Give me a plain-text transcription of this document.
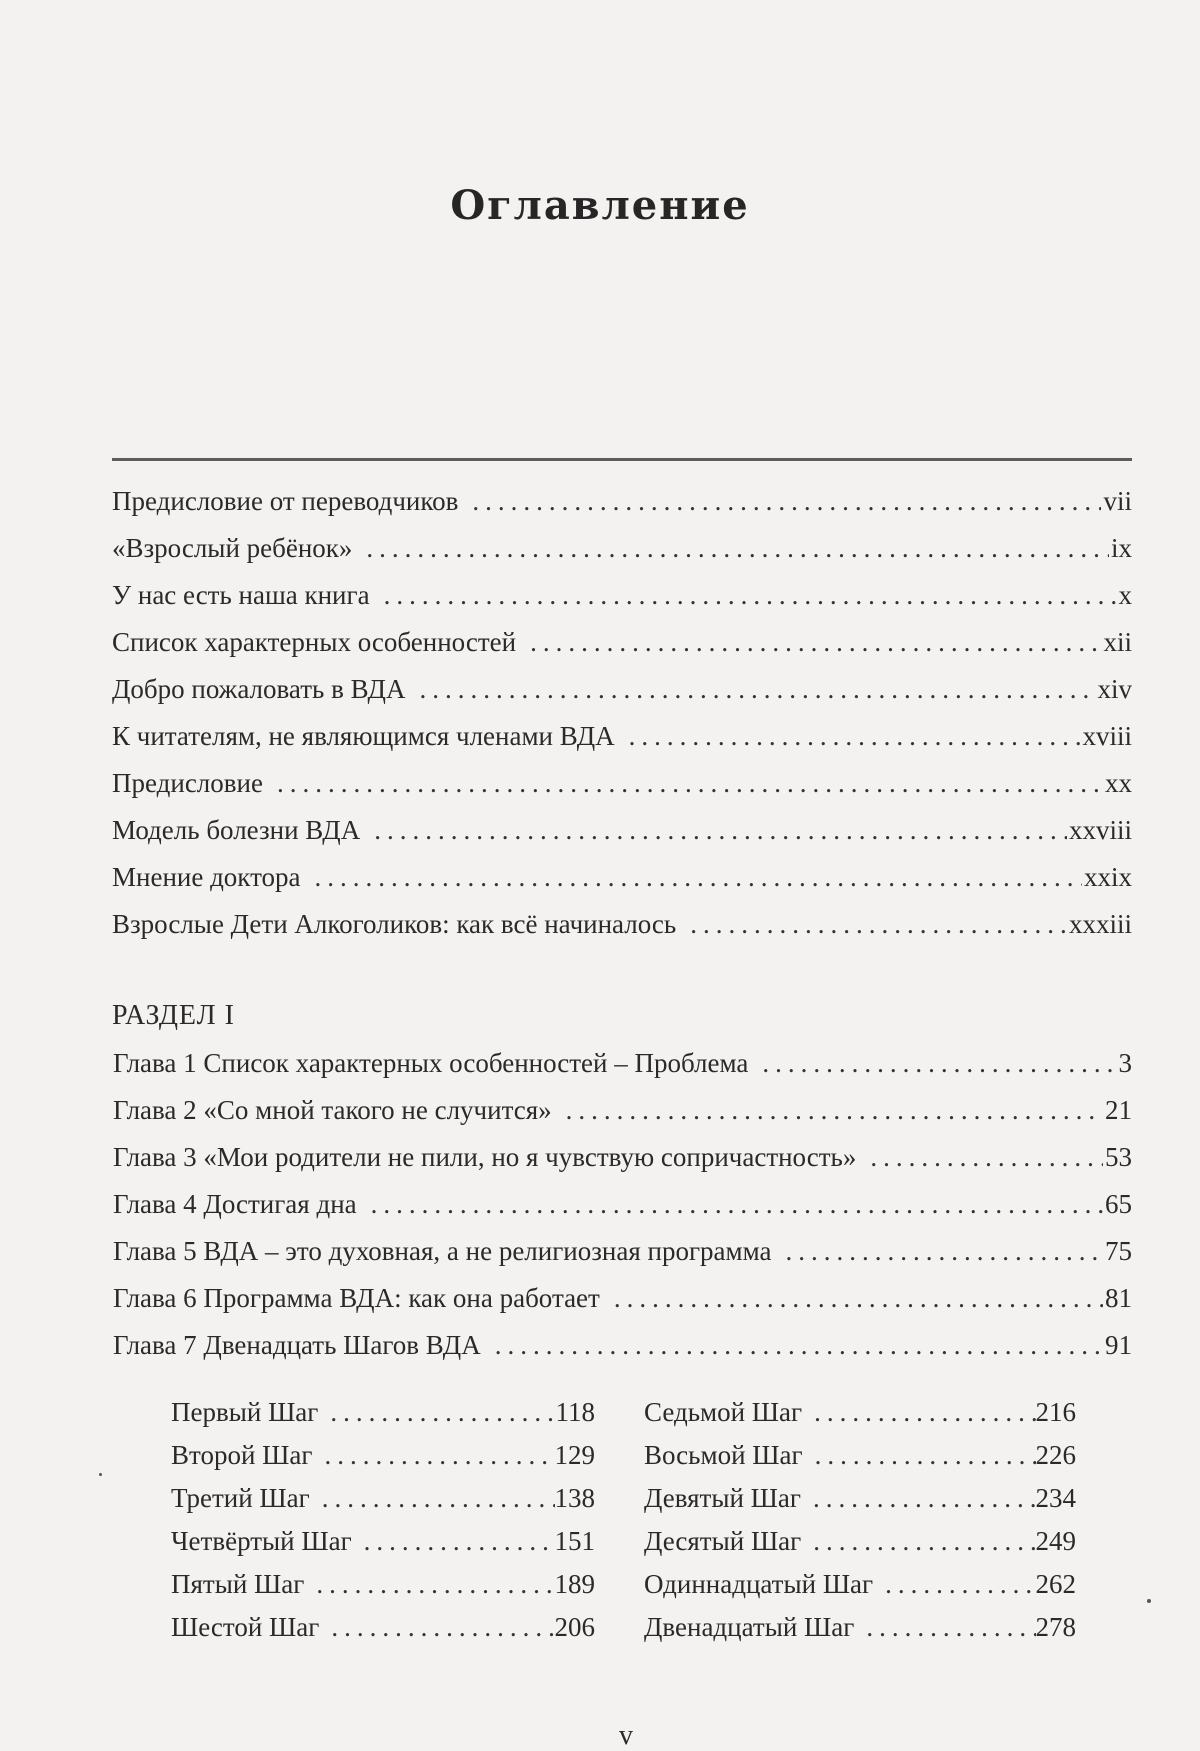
Оглавление
Предисловие от переводчиков .....	vii
«Взрослый ребёнок» .....	ix
У нас есть наша книга .....	x
Список характерных особенностей .....	xii
Добро пожаловать в ВДА .....	xiv
К читателям, не являющимся членами ВДА .....	xviii
Предисловие .....	xx
Модель болезни ВДА .....	xxviii
Мнение доктора .....	xxix
Взрослые Дети Алкоголиков: как всё начиналось .....	xxxiii
РАЗДЕЛ I
Глава 1 Список характерных особенностей – Проблема .....	3
Глава 2 «Со мной такого не случится» .....	21
Глава 3 «Мои родители не пили, но я чувствую сопричастность» .....	53
Глава 4 Достигая дна .....	65
Глава 5 ВДА – это духовная, а не религиозная программа .....	75
Глава 6 Программа ВДА: как она работает .....	81
Глава 7 Двенадцать Шагов ВДА .....	91
Первый Шаг .....	118
Второй Шаг .....	129
Третий Шаг .....	138
Четвёртый Шаг .....	151
Пятый Шаг .....	189
Шестой Шаг .....	206
Седьмой Шаг .....	216
Восьмой Шаг .....	226
Девятый Шаг .....	234
Десятый Шаг .....	249
Одиннадцатый Шаг .....	262
Двенадцатый Шаг .....	278
v
